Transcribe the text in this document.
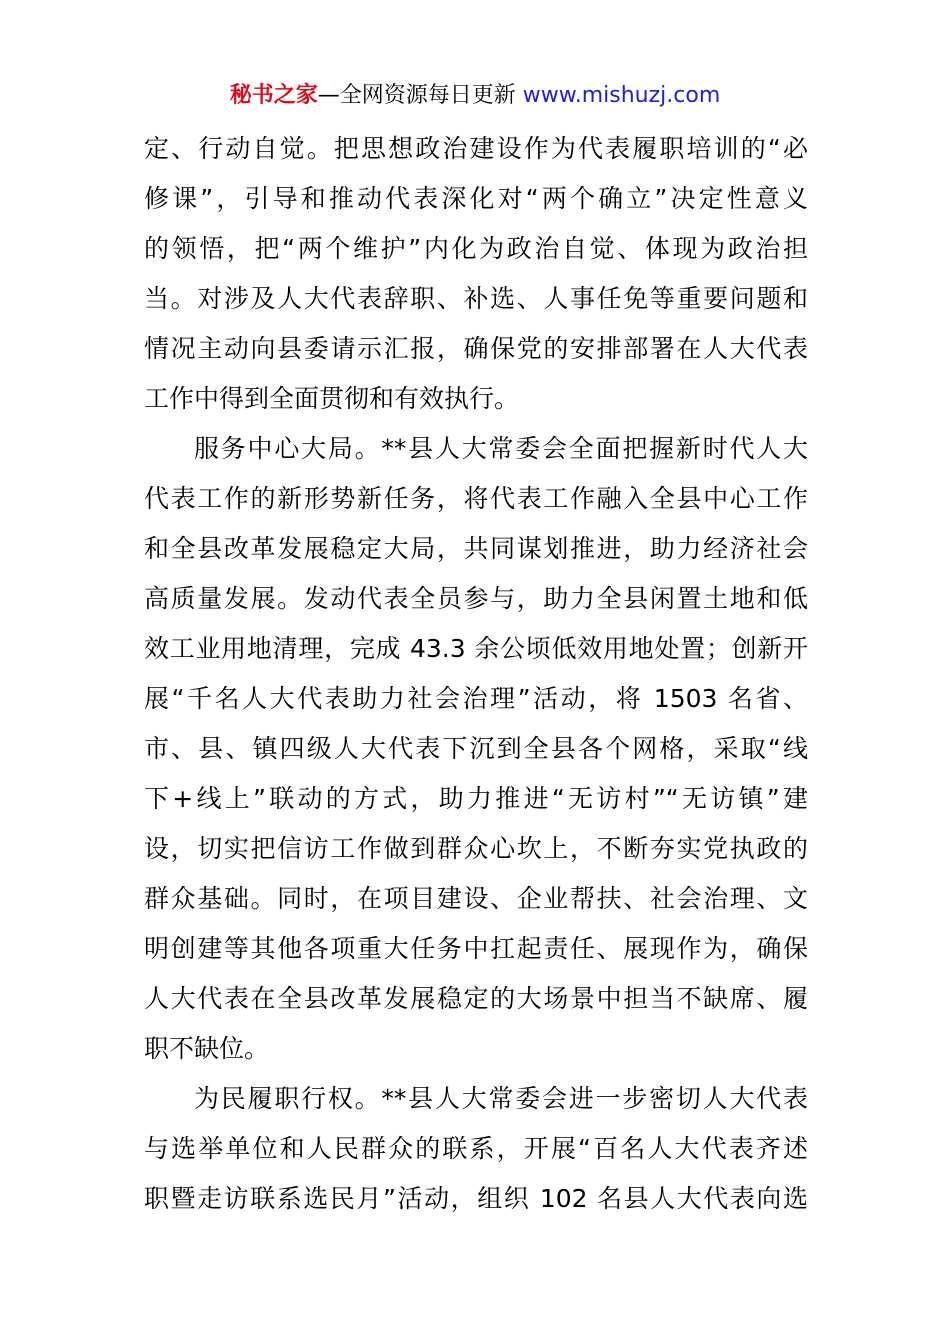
秘书之家—全网资源每日更新 www.mishuzj.com
定、行动自觉。把思想政治建设作为代表履职培训的“必
修课”，引导和推动代表深化对“两个确立”决定性意义
的领悟，把“两个维护”内化为政治自觉、体现为政治担
当。对涉及人大代表辞职、补选、人事任免等重要问题和
情况主动向县委请示汇报，确保党的安排部署在人大代表
工作中得到全面贯彻和有效执行。
服务中心大局。**县人大常委会全面把握新时代人大
代表工作的新形势新任务，将代表工作融入全县中心工作
和全县改革发展稳定大局，共同谋划推进，助力经济社会
高质量发展。发动代表全员参与，助力全县闲置土地和低
效工业用地清理，完成 43.3 余公顷低效用地处置；创新开
展“千名人大代表助力社会治理”活动，将 1503 名省、
市、县、镇四级人大代表下沉到全县各个网格，采取“线
下+线上”联动的方式，助力推进“无访村”“无访镇”建
设，切实把信访工作做到群众心坎上，不断夯实党执政的
群众基础。同时，在项目建设、企业帮扶、社会治理、文
明创建等其他各项重大任务中扛起责任、展现作为，确保
人大代表在全县改革发展稳定的大场景中担当不缺席、履
职不缺位。
为民履职行权。**县人大常委会进一步密切人大代表
与选举单位和人民群众的联系，开展“百名人大代表齐述
职暨走访联系选民月”活动，组织 102 名县人大代表向选
